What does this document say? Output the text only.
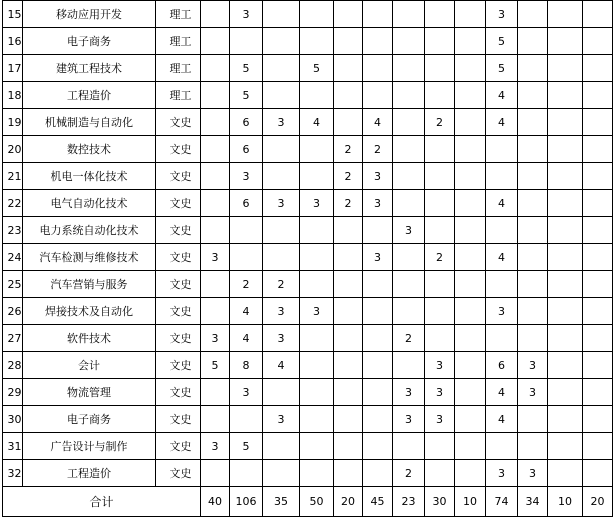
15	移动应用开发	理工		3								3			
16	电子商务	理工										5			
17	建筑工程技术	理工		5		5						5			
18	工程造价	理工		5								4			
19	机械制造与自动化	文史		6	3	4		4		2		4			
20	数控技术	文史		6			2	2							
21	机电一体化技术	文史		3			2	3							
22	电气自动化技术	文史		6	3	3	2	3				4			
23	电力系统自动化技术	文史							3						
24	汽车检测与维修技术	文史	3					3		2		4			
25	汽车营销与服务	文史		2	2										
26	焊接技术及自动化	文史		4	3	3						3			
27	软件技术	文史	3	4	3				2						
28	会计	文史	5	8	4					3		6	3		
29	物流管理	文史		3					3	3		4	3		
30	电子商务	文史			3				3	3		4			
31	广告设计与制作	文史	3	5											
32	工程造价	文史							2			3	3		
合计			40	106	35	50	20	45	23	30	10	74	34	10	20
